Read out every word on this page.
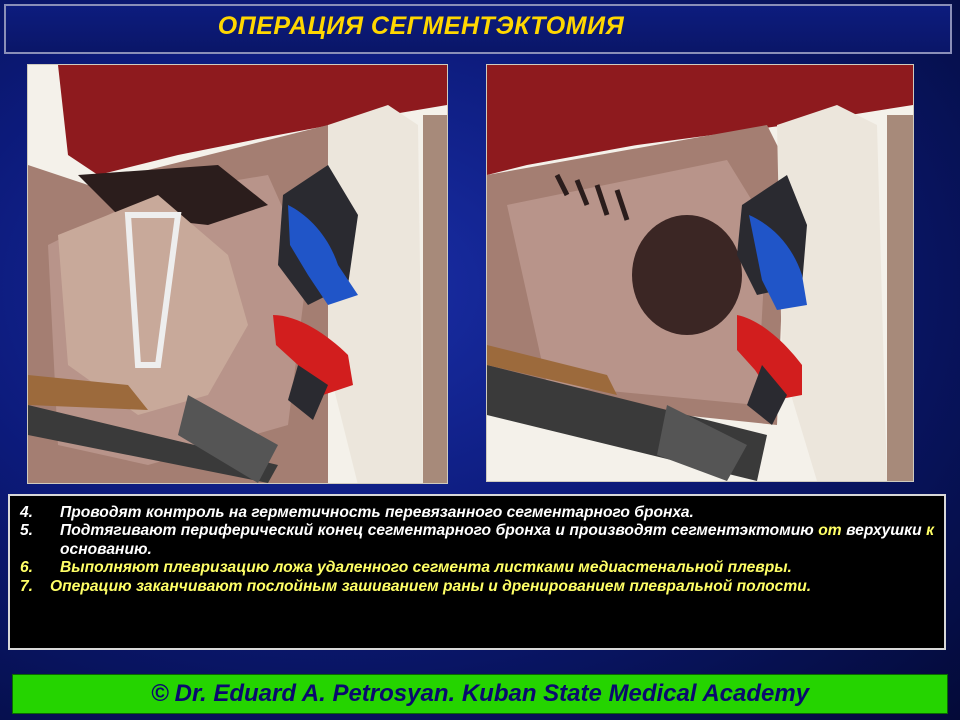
ОПЕРАЦИЯ СЕГМЕНТЭКТОМИЯ
4.	Проводят контроль на герметичность перевязанного сегментарного бронха.
5.	Подтягивают периферический конец сегментарного бронха и производят сегментэктомию от верхушки к основанию.
6.	Выполняют плевризацию ложа удаленного сегмента листками медиастенальной плевры.
7.	Операцию заканчивают послойным зашиванием раны и дренированием плевральной полости.
© Dr. Eduard A. Petrosyan. Kuban State Medical Academy
